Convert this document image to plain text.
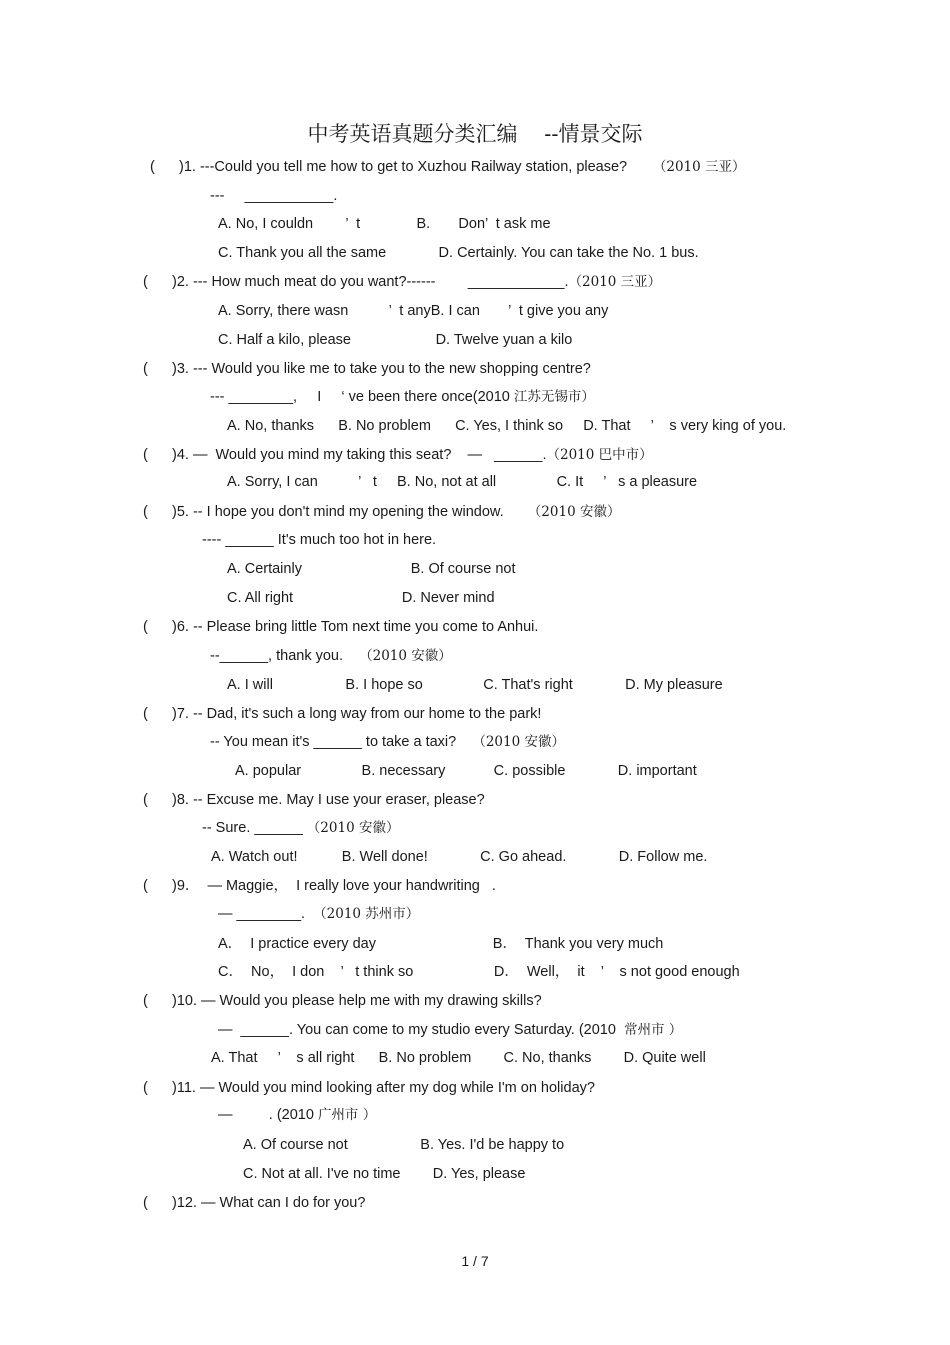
中考英语真题分类汇编    --情景交际
(      )1. ---Could you tell me how to get to Xuzhou Railway station, please?      （2010 三亚）
---     ___________.
A. No, I couldn        ’  t              B.       Don’  t ask me
C. Thank you all the same             D. Certainly. You can take the No. 1 bus.
(      )2. --- How much meat do you want?------        ____________.（2010 三亚）
A. Sorry, there wasn          ’  t anyB. I can       ’  t give you any
C. Half a kilo, please                     D. Twelve yuan a kilo
(      )3. --- Would you like me to take you to the new shopping centre?
--- ________,     I     ‘ ve been there once(2010 江苏无锡市）
A. No, thanks      B. No problem      C. Yes, I think so     D. That     ’    s very king of you.
(      )4. —  Would you mind my taking this seat?    —   ______.（2010 巴中市）
A. Sorry, I can          ’   t     B. No, not at all               C. It     ’   s a pleasure
(      )5. -- I hope you don't mind my opening the window.      （2010 安徽）
---- ______ It's much too hot in here.
A. Certainly                           B. Of course not
C. All right                           D. Never mind
(      )6. -- Please bring little Tom next time you come to Anhui.
--______, thank you.    （2010 安徽）
A. I will                  B. I hope so               C. That's right             D. My pleasure
(      )7. -- Dad, it's such a long way from our home to the park!
-- You mean it's ______ to take a taxi?    （2010 安徽）
A. popular               B. necessary            C. possible             D. important
(      )8. -- Excuse me. May I use your eraser, please?
-- Sure. ______ （2010 安徽）
A. Watch out!           B. Well done!             C. Go ahead.             D. Follow me.
(      )9．  — Maggie，  I really love your handwriting   .
— ________.  （2010 苏州市）
A．  I practice every day                             B．  Thank you very much
C．  No，  I don    ’   t think so                    D．  Well，  it    ’    s not good enough
(      )10. — Would you please help me with my drawing skills?
—  ______. You can come to my studio every Saturday. (2010  常州市 ）
A. That     ’    s all right      B. No problem        C. No, thanks        D. Quite well
(      )11. — Would you mind looking after my dog while I'm on holiday?
—         . (2010 广州市 ）
A. Of course not                  B. Yes. I'd be happy to
C. Not at all. I've no time        D. Yes, please
(      )12. — What can I do for you?
1 / 7
